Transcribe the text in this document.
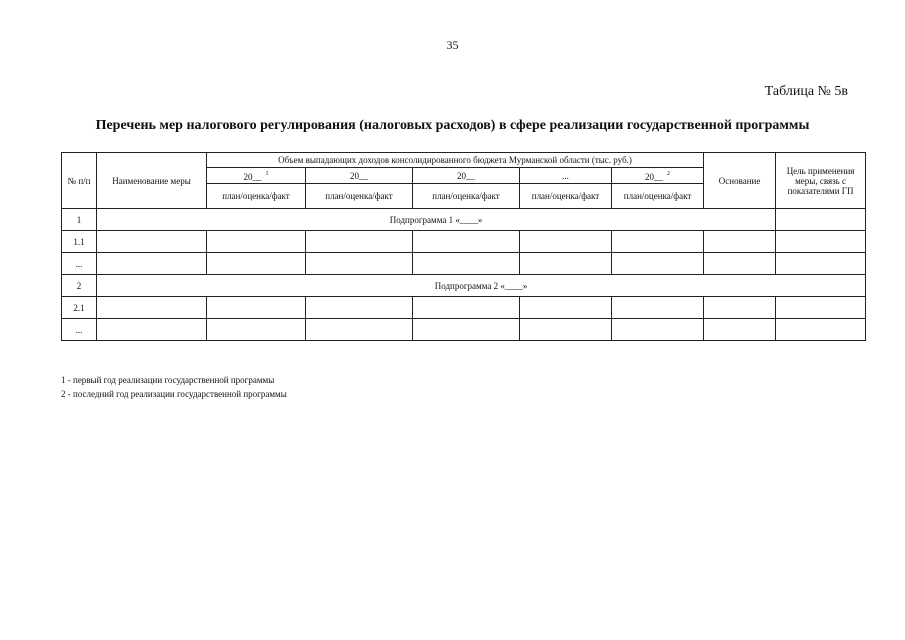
35
Таблица № 5в
Перечень мер налогового регулирования (налоговых расходов) в сфере реализации государственной программы
№ п/п	Наименование меры	Объем выпадающих доходов консолидированного бюджета Мурманской области (тыс. руб.)					Основание	Цель применения меры, связь с показателями ГП
		20__ $^1$	20__	20__	...	20__ $^2$
		план/оценка/факт	план/оценка/факт	план/оценка/факт	план/оценка/факт	план/оценка/факт		
1	Подпрограмма 1 «____»							
1.1								
...								
2	Подпрограмма 2 «____»							
2.1								
...								
1 - первый год реализации государственной программы
2 - последний год реализации государственной программы
